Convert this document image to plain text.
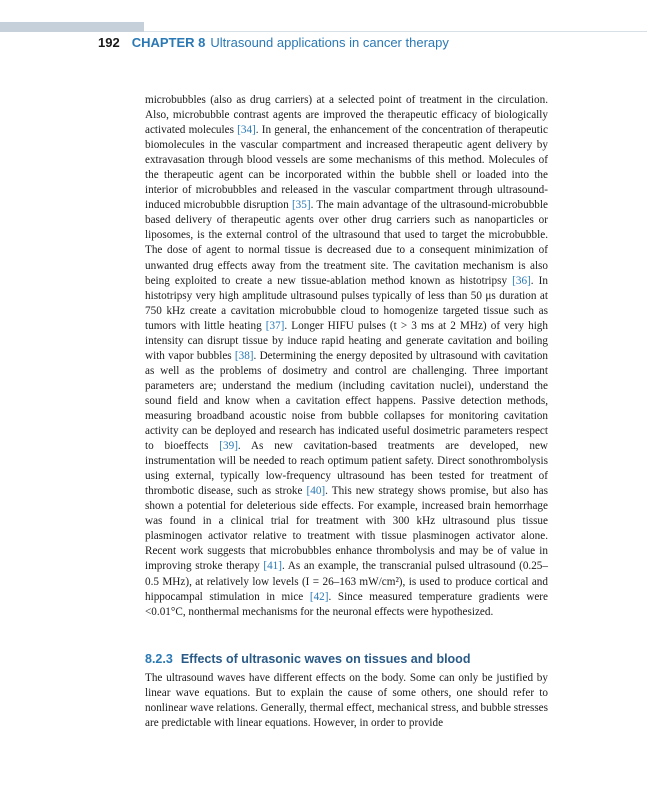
192 CHAPTER 8 Ultrasound applications in cancer therapy

microbubbles (also as drug carriers) at a selected point of treatment in the circulation. Also, microbubble contrast agents are improved the therapeutic efficacy of biologically activated molecules [34]. In general, the enhancement of the concentration of therapeutic biomolecules in the vascular compartment and increased therapeutic agent delivery by extravasation through blood vessels are some mechanisms of this method. Molecules of the therapeutic agent can be incorporated within the bubble shell or loaded into the interior of microbubbles and released in the vascular compartment through ultrasound-induced microbubble disruption [35]. The main advantage of the ultrasound-microbubble based delivery of therapeutic agents over other drug carriers such as nanoparticles or liposomes, is the external control of the ultrasound that used to target the microbubble. The dose of agent to normal tissue is decreased due to a consequent minimization of unwanted drug effects away from the treatment site. The cavitation mechanism is also being exploited to create a new tissue-ablation method known as histotripsy [36]. In histotripsy very high amplitude ultrasound pulses typically of less than 50 μs duration at 750 kHz create a cavitation microbubble cloud to homogenize targeted tissue such as tumors with little heating [37]. Longer HIFU pulses (t > 3 ms at 2 MHz) of very high intensity can disrupt tissue by induce rapid heating and generate cavitation and boiling with vapor bubbles [38]. Determining the energy deposited by ultrasound with cavitation as well as the problems of dosimetry and control are challenging. Three important parameters are; understand the medium (including cavitation nuclei), understand the sound field and know when a cavitation effect happens. Passive detection methods, measuring broadband acoustic noise from bubble collapses for monitoring cavitation activity can be deployed and research has indicated useful dosimetric parameters respect to bioeffects [39]. As new cavitation-based treatments are developed, new instrumentation will be needed to reach optimum patient safety. Direct sonothrombolysis using external, typically low-frequency ultrasound has been tested for treatment of thrombotic disease, such as stroke [40]. This new strategy shows promise, but also has shown a potential for deleterious side effects. For example, increased brain hemorrhage was found in a clinical trial for treatment with 300 kHz ultrasound plus tissue plasminogen activator relative to treatment with tissue plasminogen activator alone. Recent work suggests that microbubbles enhance thrombolysis and may be of value in improving stroke therapy [41]. As an example, the transcranial pulsed ultrasound (0.25–0.5 MHz), at relatively low levels (I = 26–163 mW/cm²), is used to produce cortical and hippocampal stimulation in mice [42]. Since measured temperature gradients were <0.01°C, nonthermal mechanisms for the neuronal effects were hypothesized.

8.2.3 Effects of ultrasonic waves on tissues and blood

The ultrasound waves have different effects on the body. Some can only be justified by linear wave equations. But to explain the cause of some others, one should refer to nonlinear wave relations. Generally, thermal effect, mechanical stress, and bubble stresses are predictable with linear equations. However, in order to provide
